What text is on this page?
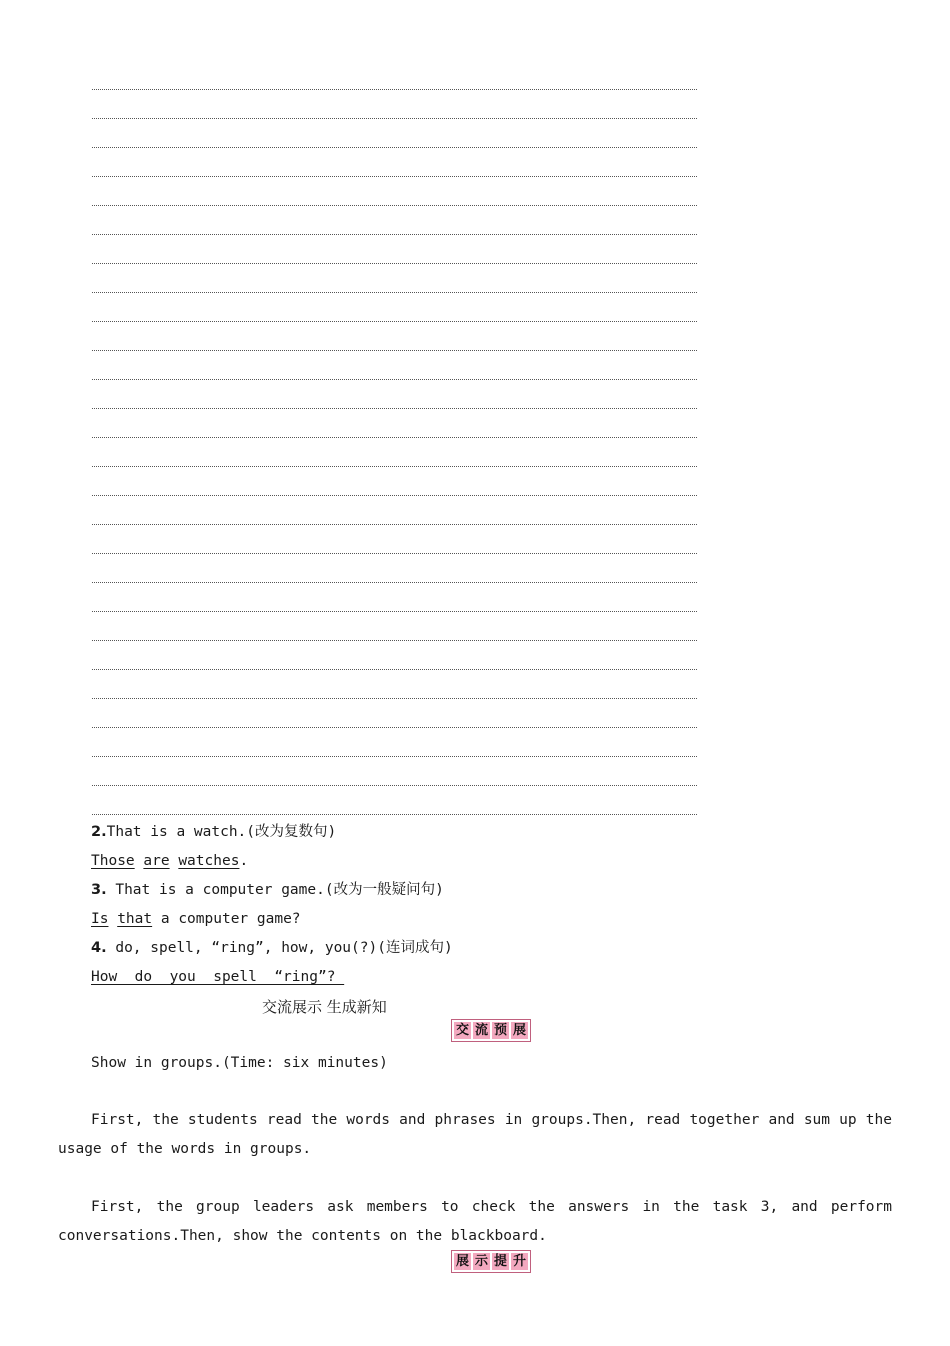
2.That is a watch.(改为复数句)
Those are watches.
3. That is a computer game.(改为一般疑问句)
Is that a computer game?
4. do, spell, “ring”, how, you(?)(连词成句)
How  do  you  spell  “ring”?
交流展示 生成新知
交 流 预 展
Show in groups.(Time: six minutes)
First, the students read the words and phrases in groups.Then, read together and sum up the usage of the words in groups.
First, the group leaders ask members to check the answers in the task 3, and perform conversations.Then, show the contents on the blackboard.
展 示 提 升
